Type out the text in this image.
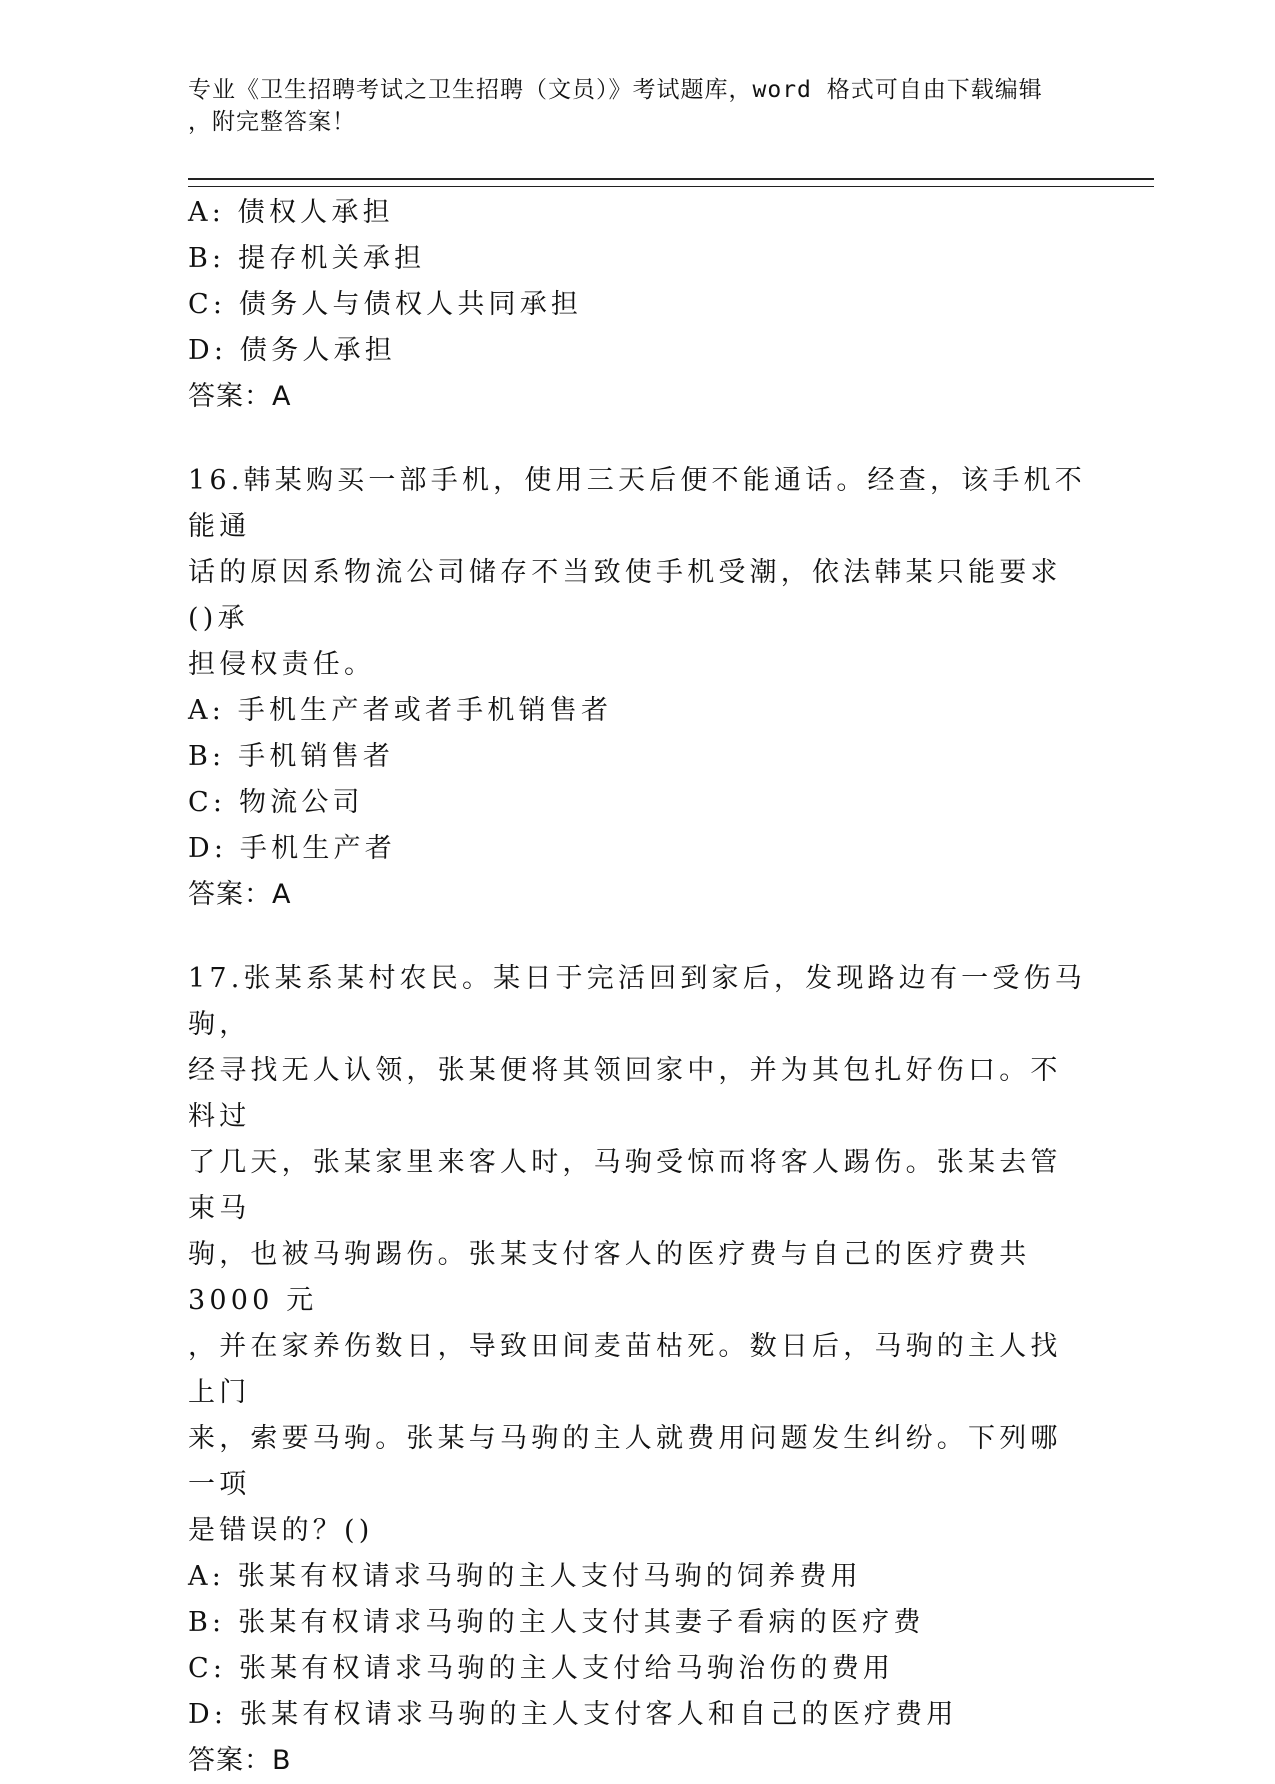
专业《卫生招聘考试之卫生招聘（文员）》考试题库，word 格式可自由下载编辑
，附完整答案！
A: 债权人承担
B: 提存机关承担
C: 债务人与债权人共同承担
D: 债务人承担
答案：A
16.韩某购买一部手机，使用三天后便不能通话。经查，该手机不能通
话的原因系物流公司储存不当致使手机受潮，依法韩某只能要求()承
担侵权责任。
A: 手机生产者或者手机销售者
B: 手机销售者
C: 物流公司
D: 手机生产者
答案：A
17.张某系某村农民。某日于完活回到家后，发现路边有一受伤马驹，
经寻找无人认领，张某便将其领回家中，并为其包扎好伤口。不料过
了几天，张某家里来客人时，马驹受惊而将客人踢伤。张某去管束马
驹，也被马驹踢伤。张某支付客人的医疗费与自己的医疗费共 3000 元
，并在家养伤数日，导致田间麦苗枯死。数日后，马驹的主人找上门
来，索要马驹。张某与马驹的主人就费用问题发生纠纷。下列哪一项
是错误的？()
A: 张某有权请求马驹的主人支付马驹的饲养费用
B: 张某有权请求马驹的主人支付其妻子看病的医疗费
C: 张某有权请求马驹的主人支付给马驹治伤的费用
D: 张某有权请求马驹的主人支付客人和自己的医疗费用
答案：B
